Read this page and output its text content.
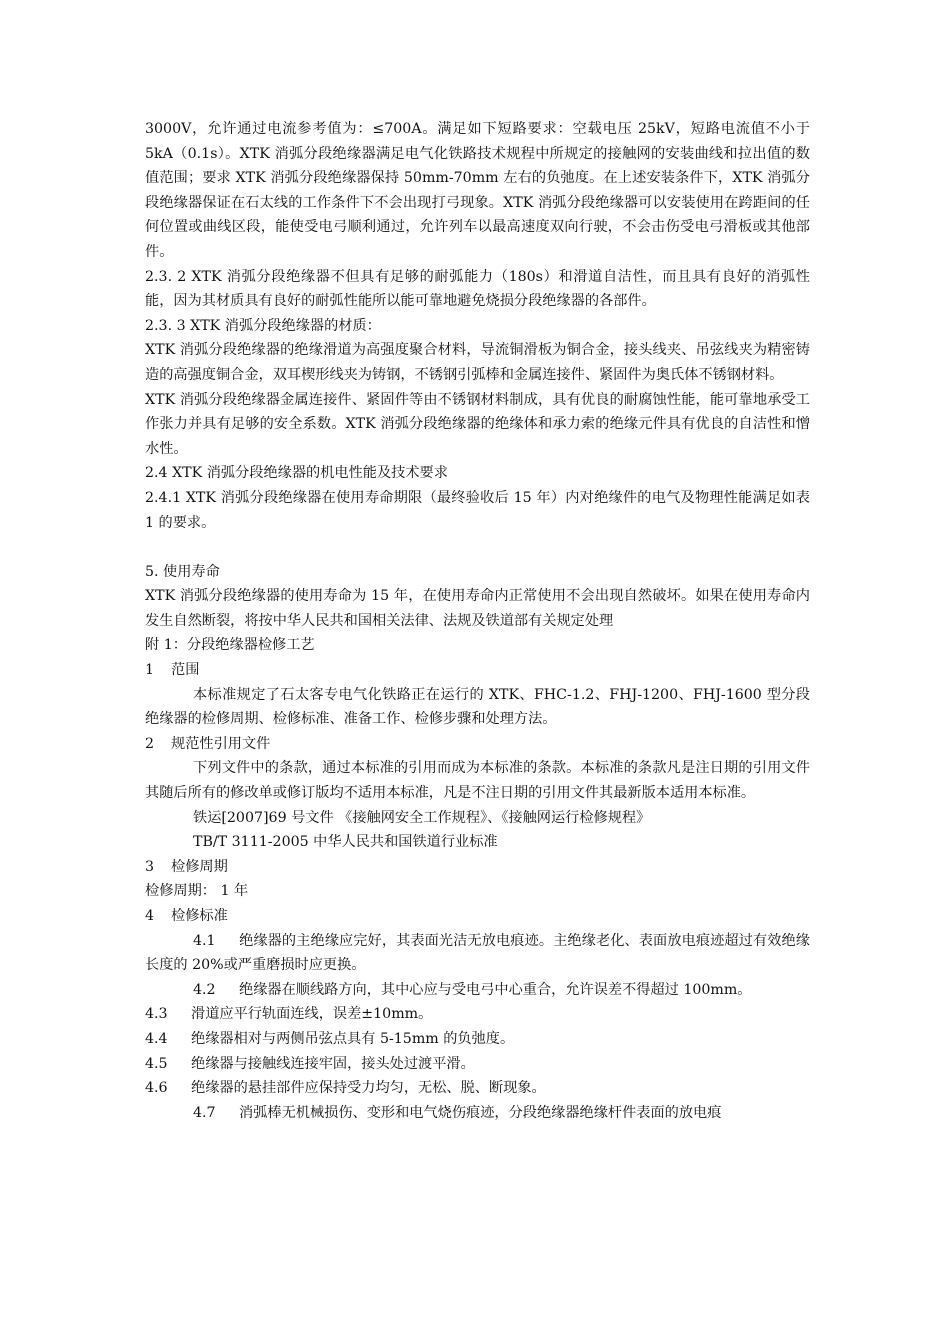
3000V，允许通过电流参考值为：≤700A。满足如下短路要求：空载电压 25kV，短路电流值不小于 5kA（0.1s）。XTK 消弧分段绝缘器满足电气化铁路技术规程中所规定的接触网的安装曲线和拉出值的数值范围；要求 XTK 消弧分段绝缘器保持 50mm-70mm 左右的负弛度。在上述安装条件下，XTK 消弧分段绝缘器保证在石太线的工作条件下不会出现打弓现象。XTK 消弧分段绝缘器可以安装使用在跨距间的任何位置或曲线区段，能使受电弓顺利通过，允许列车以最高速度双向行驶，不会击伤受电弓滑板或其他部件。

2.3. 2 XTK 消弧分段绝缘器不但具有足够的耐弧能力（180s）和滑道自洁性，而且具有良好的消弧性能，因为其材质具有良好的耐弧性能所以能可靠地避免烧损分段绝缘器的各部件。

2.3. 3 XTK 消弧分段绝缘器的材质：

XTK 消弧分段绝缘器的绝缘滑道为高强度聚合材料，导流铜滑板为铜合金，接头线夹、吊弦线夹为精密铸造的高强度铜合金，双耳楔形线夹为铸钢，不锈钢引弧棒和金属连接件、紧固件为奥氏体不锈钢材料。

XTK 消弧分段绝缘器金属连接件、紧固件等由不锈钢材料制成，具有优良的耐腐蚀性能，能可靠地承受工作张力并具有足够的安全系数。XTK 消弧分段绝缘器的绝缘体和承力索的绝缘元件具有优良的自洁性和憎水性。

2.4 XTK 消弧分段绝缘器的机电性能及技术要求

2.4.1 XTK 消弧分段绝缘器在使用寿命期限（最终验收后 15 年）内对绝缘件的电气及物理性能满足如表 1 的要求。

5. 使用寿命

XTK 消弧分段绝缘器的使用寿命为 15 年，在使用寿命内正常使用不会出现自然破坏。如果在使用寿命内发生自然断裂，将按中华人民共和国相关法律、法规及铁道部有关规定处理

附 1：分段绝缘器检修工艺

1 范围

本标准规定了石太客专电气化铁路正在运行的 XTK、FHC-1.2、FHJ-1200、FHJ-1600 型分段绝缘器的检修周期、检修标准、准备工作、检修步骤和处理方法。

2 规范性引用文件

下列文件中的条款，通过本标准的引用而成为本标准的条款。本标准的条款凡是注日期的引用文件其随后所有的修改单或修订版均不适用本标准，凡是不注日期的引用文件其最新版本适用本标准。

铁运[2007]69 号文件 《接触网安全工作规程》、《接触网运行检修规程》

TB/T 3111-2005 中华人民共和国铁道行业标准

3 检修周期

检修周期： 1 年

4 检修标准

4.1 绝缘器的主绝缘应完好，其表面光洁无放电痕迹。主绝缘老化、表面放电痕迹超过有效绝缘长度的 20%或严重磨损时应更换。

4.2 绝缘器在顺线路方向，其中心应与受电弓中心重合，允许误差不得超过 100mm。

4.3 滑道应平行轨面连线，误差±10mm。

4.4 绝缘器相对与两侧吊弦点具有 5-15mm 的负弛度。

4.5 绝缘器与接触线连接牢固，接头处过渡平滑。

4.6 绝缘器的悬挂部件应保持受力均匀，无松、脱、断现象。

4.7 消弧棒无机械损伤、变形和电气烧伤痕迹，分段绝缘器绝缘杆件表面的放电痕
